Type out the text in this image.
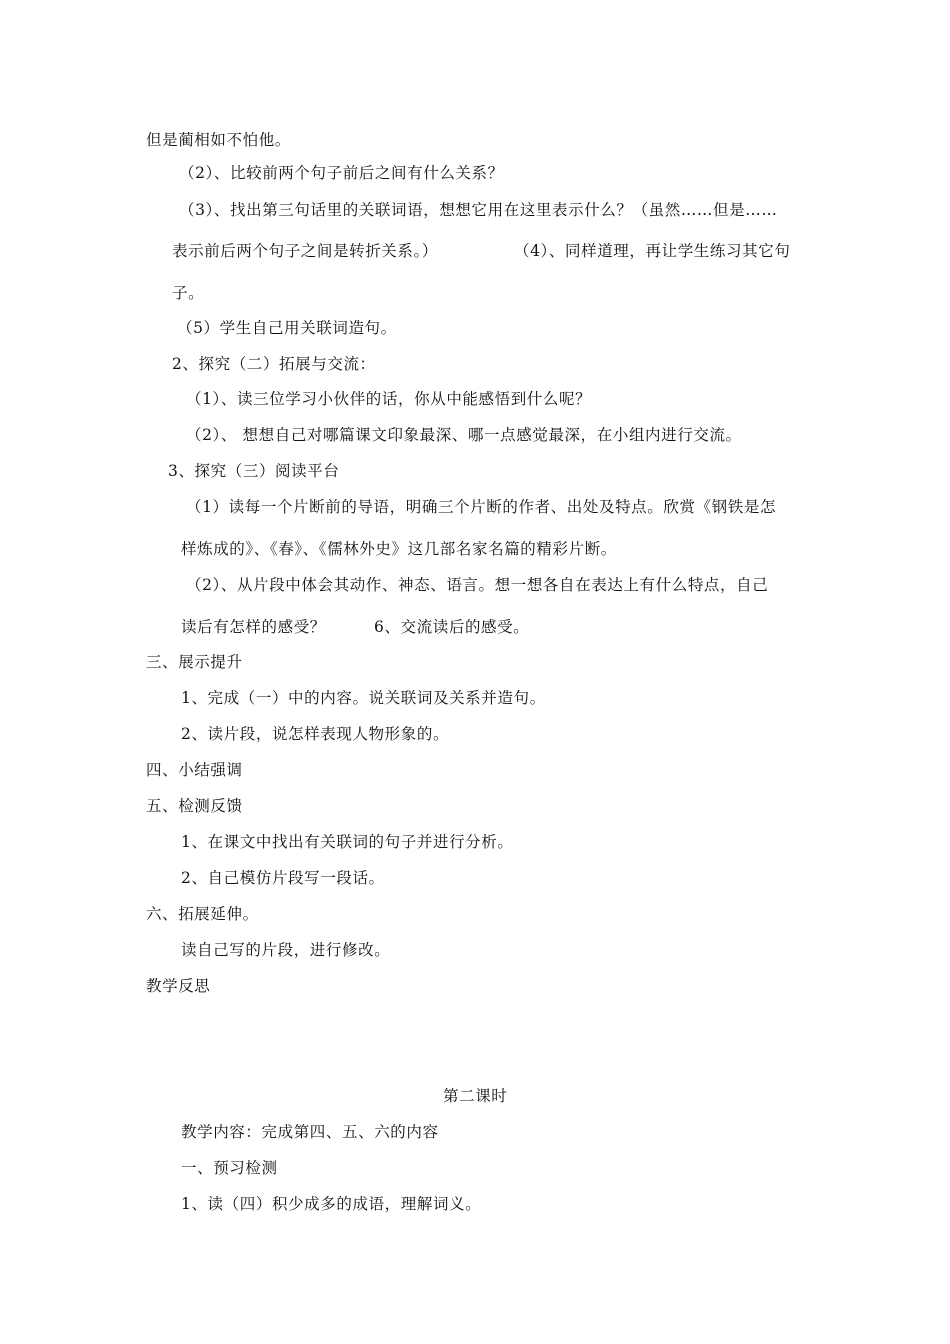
但是蔺相如不怕他。
（2）、比较前两个句子前后之间有什么关系？
（3）、找出第三句话里的关联词语，想想它用在这里表示什么？（虽然……但是……
表示前后两个句子之间是转折关系。）	（4）、同样道理，再让学生练习其它句
子。
（5）学生自己用关联词造句。
2、探究（二）拓展与交流：
（1）、读三位学习小伙伴的话，你从中能感悟到什么呢？
（2）、 想想自己对哪篇课文印象最深、哪一点感觉最深，在小组内进行交流。
3、探究（三）阅读平台
（1）读每一个片断前的导语，明确三个片断的作者、出处及特点。欣赏《钢铁是怎
样炼成的》、《春》、《儒林外史》这几部名家名篇的精彩片断。
（2）、从片段中体会其动作、神态、语言。想一想各自在表达上有什么特点，自己
读后有怎样的感受？	6、交流读后的感受。
三、展示提升
1、完成（一）中的内容。说关联词及关系并造句。
2、读片段，说怎样表现人物形象的。
四、小结强调
五、检测反馈
1、在课文中找出有关联词的句子并进行分析。
2、自己模仿片段写一段话。
六、拓展延伸。
读自己写的片段，进行修改。
教学反思
第二课时
教学内容：完成第四、五、六的内容
一、预习检测
1、读（四）积少成多的成语，理解词义。
